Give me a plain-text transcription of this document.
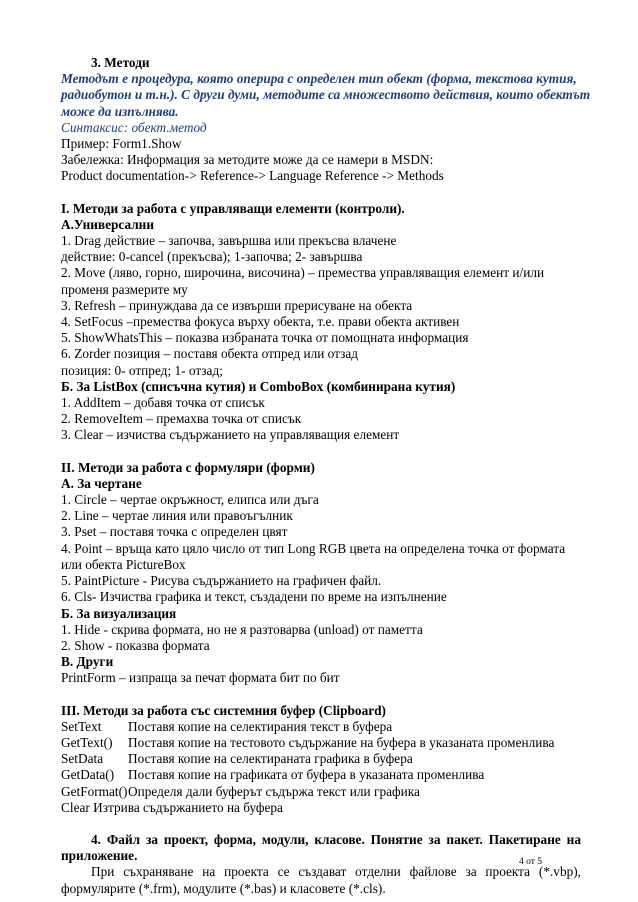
3. Методи
Методът е процедура, която оперира с определен тип обект (форма, текстова кутия,
радиобутон и т.н.). С други думи, методите са множеството действия, които обектът
може да изпълнява.
Синтаксис: обект.метод
Пример: Form1.Show
Забележка: Информация за методите може да се намери в MSDN:
Product documentation-> Reference-> Language Reference -> Methods
I. Методи за работа с управляващи елементи (контроли).
А.Универсални
1. Drag действие – започва, завършва или прекъсва влачене
действие: 0-cancel (прекъсва); 1-започва; 2- завършва
2. Move (ляво, горно, широчина, височина) – премества управляващия елемент и/или
променя размерите му
3. Refresh – принуждава да се извърши прерисуване на обекта
4. SetFocus –премества фокуса върху обекта, т.е. прави обекта активен
5. ShowWhatsThis – показва избраната точка от помощната информация
6. Zorder позиция – поставя обекта отпред или отзад
позиция: 0- отпред; 1- отзад;
Б. За ListBox (списъчна кутия) и ComboBox (комбинирана кутия)
1. AddItem – добавя точка от списък
2. RemoveItem – премахва точка от списък
3. Clear – изчиства съдържанието на управляващия елемент
II. Методи за работа с формуляри (форми)
А. За чертане
1. Circle – чертае окръжност, елипса или дъга
2. Line – чертае линия или правоъгълник
3. Pset – поставя точка с определен цвят
4. Point – връща като цяло число от тип Long RGB цвета на определена точка от формата
или обекта PictureBox
5. PaintPicture - Рисува съдържанието на графичен файл.
6. Cls- Изчиства графика и текст, създадени по време на изпълнение
Б. За визуализация
1. Hide - скрива формата, но не я разтоварва (unload) от паметта
2. Show - показва формата
В. Други
PrintForm – изпраща за печат формата бит по бит
III. Методи за работа със системния буфер (Clipboard)
SetText Поставя копие на селектирания текст в буфера
GetText() Поставя копие на тестовото съдържание на буфера в указаната променлива
SetData Поставя копие на селектираната графика в буфера
GetData() Поставя копие на графиката от буфера в указаната променлива
GetFormat()Определя дали буферът съдържа текст или графика
Clear Изтрива съдържанието на буфера
4. Файл за проект, форма, модули, класове. Понятие за пакет. Пакетиране на приложение.
При съхраняване на проекта се създават отделни файлове за проекта (*.vbp), формулярите (*.frm), модулите (*.bas) и класовете (*.cls).
4 от 5
